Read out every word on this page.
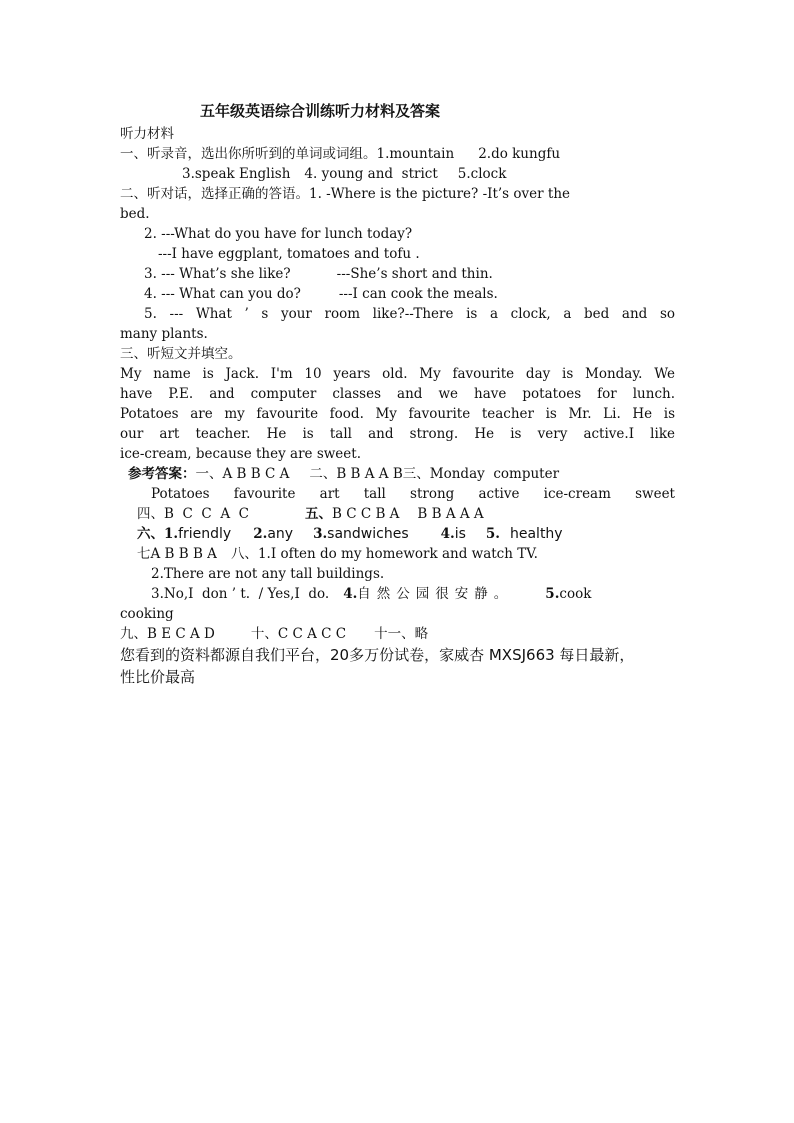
五年级英语综合训练听力材料及答案
听力材料
一、听录音，选出你所听到的单词或词组。1.mountain 2.do kungfu
3.speak English 4. young and  strict 5.clock
二、听对话，选择正确的答语。1. -Where is the picture? -It’s over the
bed.
2. ---What do you have for lunch today?
---I have eggplant, tomatoes and tofu .
3. --- What’s she like?	---She’s short and thin.
4. --- What can you do?	---I can cook the meals.
5. --- What ’ s your room like?--There is a clock, a bed and so
many plants.
三、听短文并填空。
My name is Jack. I'm 10 years old. My favourite day is Monday. We
have P.E. and computer classes and we have potatoes for lunch.
Potatoes are my favourite food. My favourite teacher is Mr. Li. He is
our art teacher. He is tall and strong. He is very active.I like
ice-cream, because they are sweet.
参考答案：一、A B B C A 二、B B A A B三、Monday  computer
Potatoes favourite art tall strong active ice-cream sweet
四、B  C  C  A  C	五、B C C B A B B A A A
六、1.friendly 2.any 3.sandwiches 4.is 5. healthy
七A B B B A 八、1.I often do my homework and watch TV.
2.There are not any tall buildings.
3.No,I  don ’ t.  / Yes,I  do. 4.自然公园很安静。 5.cook
cooking
九、B E C A D	十、C C A C C 十一、略
您看到的资料都源自我们平台，20多万份试卷，家威杏 MXSJ663 每日最新，
性比价最高
